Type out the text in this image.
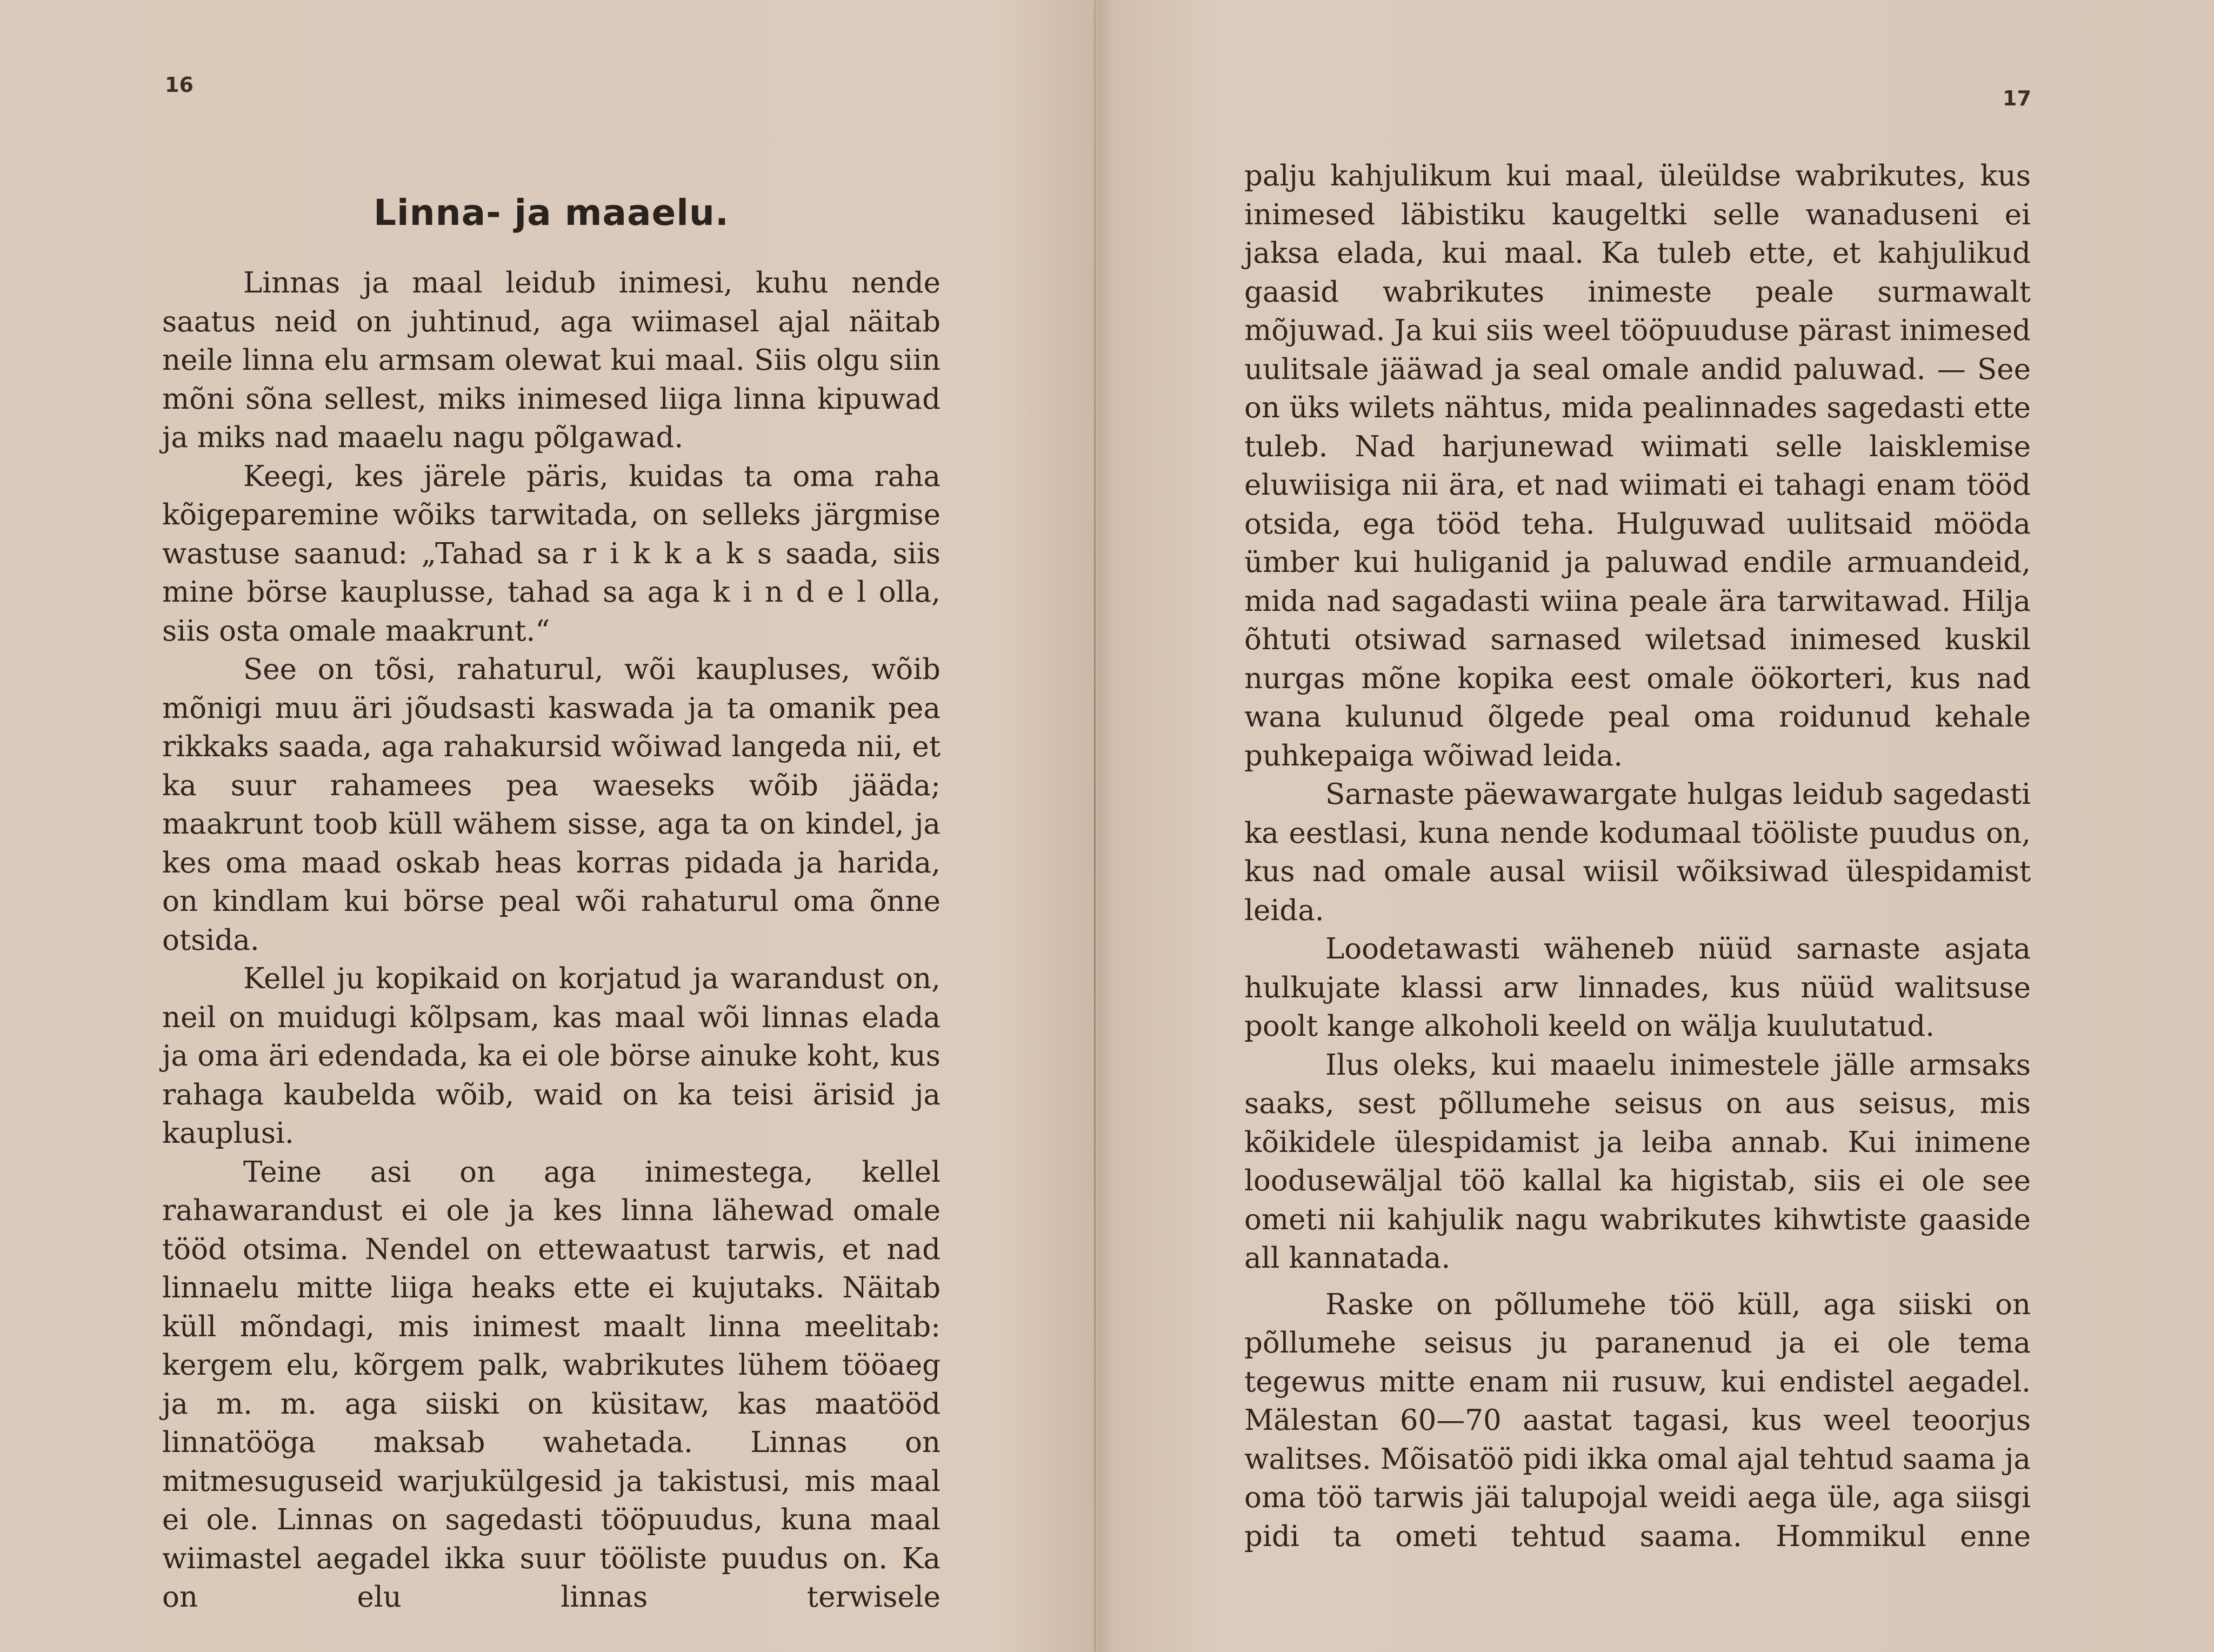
16
Linna- ja maaelu.

Linnas ja maal leidub inimesi, kuhu nende saatus neid on juhtinud, aga wiimasel ajal näitab neile linna elu armsam olewat kui maal. Siis olgu siin mõni sõna sellest, miks inimesed liiga linna kipuwad ja miks nad maaelu nagu põlgawad.

Keegi, kes järele päris, kuidas ta oma raha kõigeparemine wõiks tarwitada, on selleks järgmise wastuse saanud: „Tahad sa r i k k a k s saada, siis mine börse kauplusse, tahad sa aga k i n d e l olla, siis osta omale maakrunt.“

See on tõsi, rahaturul, wõi kaupluses, wõib mõnigi muu äri jõudsasti kaswada ja ta omanik pea rikkaks saada, aga rahakursid wõiwad langeda nii, et ka suur rahamees pea waeseks wõib jääda; maakrunt toob küll wähem sisse, aga ta on kindel, ja kes oma maad oskab heas korras pidada ja harida, on kindlam kui börse peal wõi rahaturul oma õnne otsida.

Kellel ju kopikaid on korjatud ja warandust on, neil on muidugi kõlpsam, kas maal wõi linnas elada ja oma äri edendada, ka ei ole börse ainuke koht, kus rahaga kaubelda wõib, waid on ka teisi ärisid ja kauplusi.

Teine asi on aga inimestega, kellel rahawarandust ei ole ja kes linna lähewad omale tööd otsima. Nendel on ettewaatust tarwis, et nad linnaelu mitte liiga heaks ette ei kujutaks. Näitab küll mõndagi, mis inimest maalt linna meelitab: kergem elu, kõrgem palk, wabrikutes lühem tööaeg ja m. m. aga siiski on küsitaw, kas maatööd linnatööga maksab wahetada. Linnas on mitmesuguseid warjukülgesid ja takistusi, mis maal ei ole. Linnas on sagedasti tööpuudus, kuna maal wiimastel aegadel ikka suur tööliste puudus on. Ka on elu linnas terwisele

17

palju kahjulikum kui maal, üleüldse wabrikutes, kus inimesed läbistiku kaugeltki selle wanaduseni ei jaksa elada, kui maal. Ka tuleb ette, et kahjulikud gaasid wabrikutes inimeste peale surmawalt mõjuwad. Ja kui siis weel tööpuuduse pärast inimesed uulitsale jääwad ja seal omale andid paluwad. — See on üks wilets nähtus, mida pealinnades sagedasti ette tuleb. Nad harjunewad wiimati selle laisklemise eluwiisiga nii ära, et nad wiimati ei tahagi enam tööd otsida, ega tööd teha. Hulguwad uulitsaid mööda ümber kui huliganid ja paluwad endile armuandeid, mida nad sagadasti wiina peale ära tarwitawad. Hilja õhtuti otsiwad sarnased wiletsad inimesed kuskil nurgas mõne kopika eest omale öökorteri, kus nad wana kulunud õlgede peal oma roidunud kehale puhkepaiga wõiwad leida.

Sarnaste päewawargate hulgas leidub sagedasti ka eestlasi, kuna nende kodumaal tööliste puudus on, kus nad omale ausal wiisil wõiksiwad ülespidamist leida.

Loodetawasti wäheneb nüüd sarnaste asjata hulkujate klassi arw linnades, kus nüüd walitsuse poolt kange alkoholi keeld on wälja kuulutatud.

Ilus oleks, kui maaelu inimestele jälle armsaks saaks, sest põllumehe seisus on aus seisus, mis kõikidele ülespidamist ja leiba annab. Kui inimene loodusewäljal töö kallal ka higistab, siis ei ole see ometi nii kahjulik nagu wabrikutes kihwtiste gaaside all kannatada.

Raske on põllumehe töö küll, aga siiski on põllumehe seisus ju paranenud ja ei ole tema tegewus mitte enam nii rusuw, kui endistel aegadel. Mälestan 60—70 aastat tagasi, kus weel teoorjus walitses. Mõisatöö pidi ikka omal ajal tehtud saama ja oma töö tarwis jäi talupojal weidi aega üle, aga siisgi pidi ta ometi tehtud saama. Hommikul enne
